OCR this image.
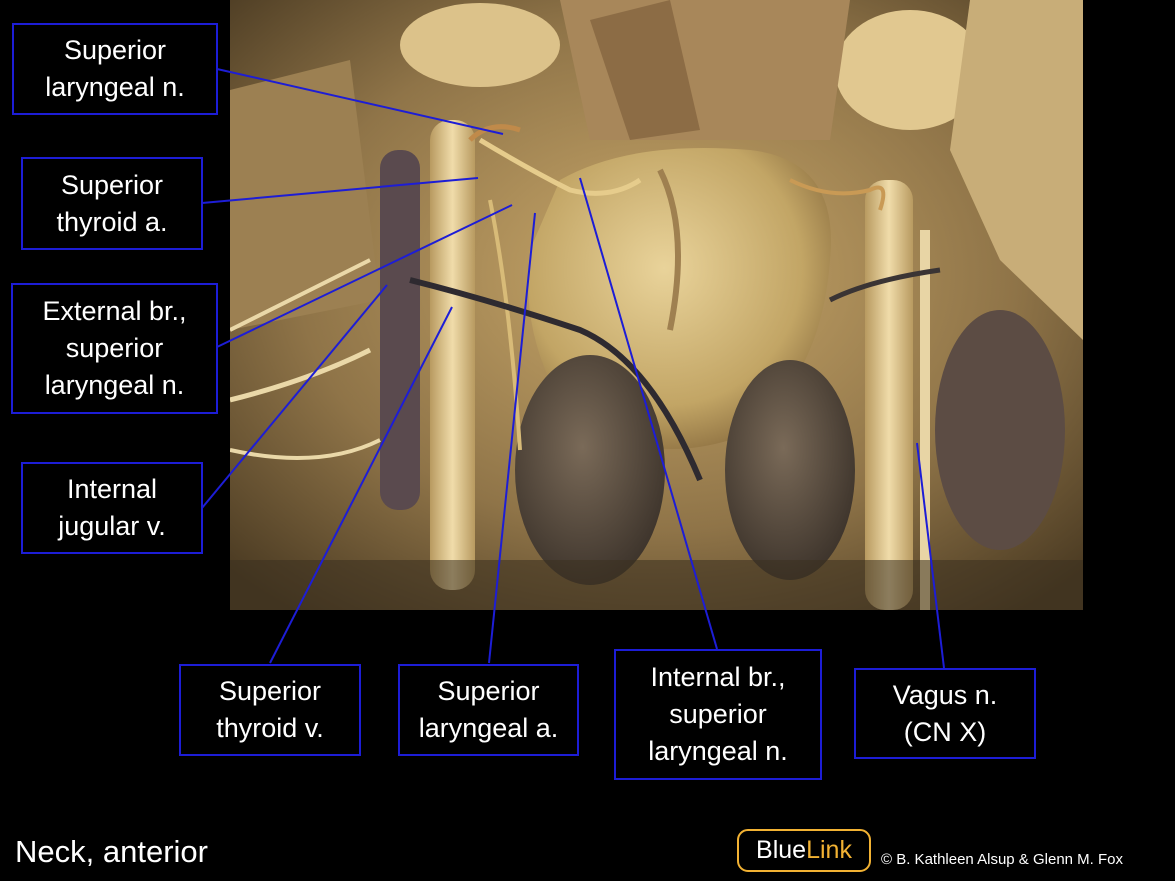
Superior
laryngeal n.
Superior
thyroid a.
External br.,
superior
laryngeal n.
Internal
jugular v.
Superior
thyroid v.
Superior
laryngeal a.
Internal br.,
superior
laryngeal n.
Vagus n.
(CN X)
Neck, anterior	Blue Link © B. Kathleen Alsup & Glenn M. Fox
